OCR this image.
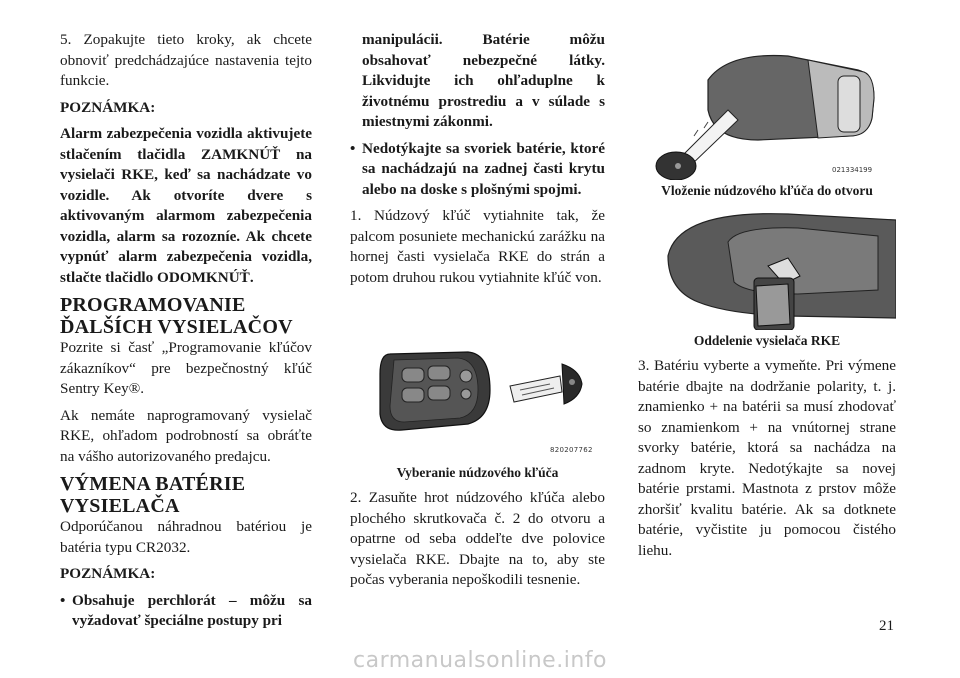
5. Zopakujte tieto kroky, ak chcete obnoviť predchádzajúce nastavenia tejto funkcie.

POZNÁMKA:

Alarm zabezpečenia vozidla aktivujete stlačením tlačidla ZAMKNÚŤ na vysielači RKE, keď sa nachádzate vo vozidle. Ak otvoríte dvere s aktivovaným alarmom zabezpečenia vozidla, alarm sa rozozníe. Ak chcete vypnúť alarm zabezpečenia vozidla, stlačte tlačidlo ODOMKNÚŤ.

PROGRAMOVANIE
ĎALŠÍCH VYSIELAČOV

Pozrite si časť „Programovanie kľúčov zákazníkov“ pre bezpečnostný kľúč Sentry Key®.

Ak nemáte naprogramovaný vysielač RKE, ohľadom podrobností sa obráťte na vášho autorizovaného predajcu.

VÝMENA BATÉRIE
VYSIELAČA

Odporúčanou náhradnou batériou je batéria typu CR2032.

POZNÁMKA:

• Obsahuje perchlorát – môžu sa vyžadovať špeciálne postupy pri

manipulácii. Batérie môžu obsahovať nebezpečné látky. Likvidujte ich ohľaduplne k životnému prostrediu a v súlade s miestnymi zákonmi.

• Nedotýkajte sa svoriek batérie, ktoré sa nachádzajú na zadnej časti krytu alebo na doske s plošnými spojmi.

1. Núdzový kľúč vytiahnite tak, že palcom posuniete mechanickú zarážku na hornej časti vysielača RKE do strán a potom druhou rukou vytiahnite kľúč von.

820207762

Vyberanie núdzového kľúča

2. Zasuňte hrot núdzového kľúča alebo plochého skrutkovača č. 2 do otvoru a opatrne od seba oddeľte dve polovice vysielača RKE. Dbajte na to, aby ste počas vyberania nepoškodili tesnenie.

021334199

Vloženie núdzového kľúča do otvoru

021334198

Oddelenie vysielača RKE

3. Batériu vyberte a vymeňte. Pri výmene batérie dbajte na dodržanie polarity, t. j. znamienko + na batérii sa musí zhodovať so znamienkom + na vnútornej strane svorky batérie, ktorá sa nachádza na zadnom kryte. Nedotýkajte sa novej batérie prstami. Mastnota z prstov môže zhoršiť kvalitu batérie. Ak sa dotknete batérie, vyčistite ju pomocou čistého liehu.

21
carmanualsonline.info
